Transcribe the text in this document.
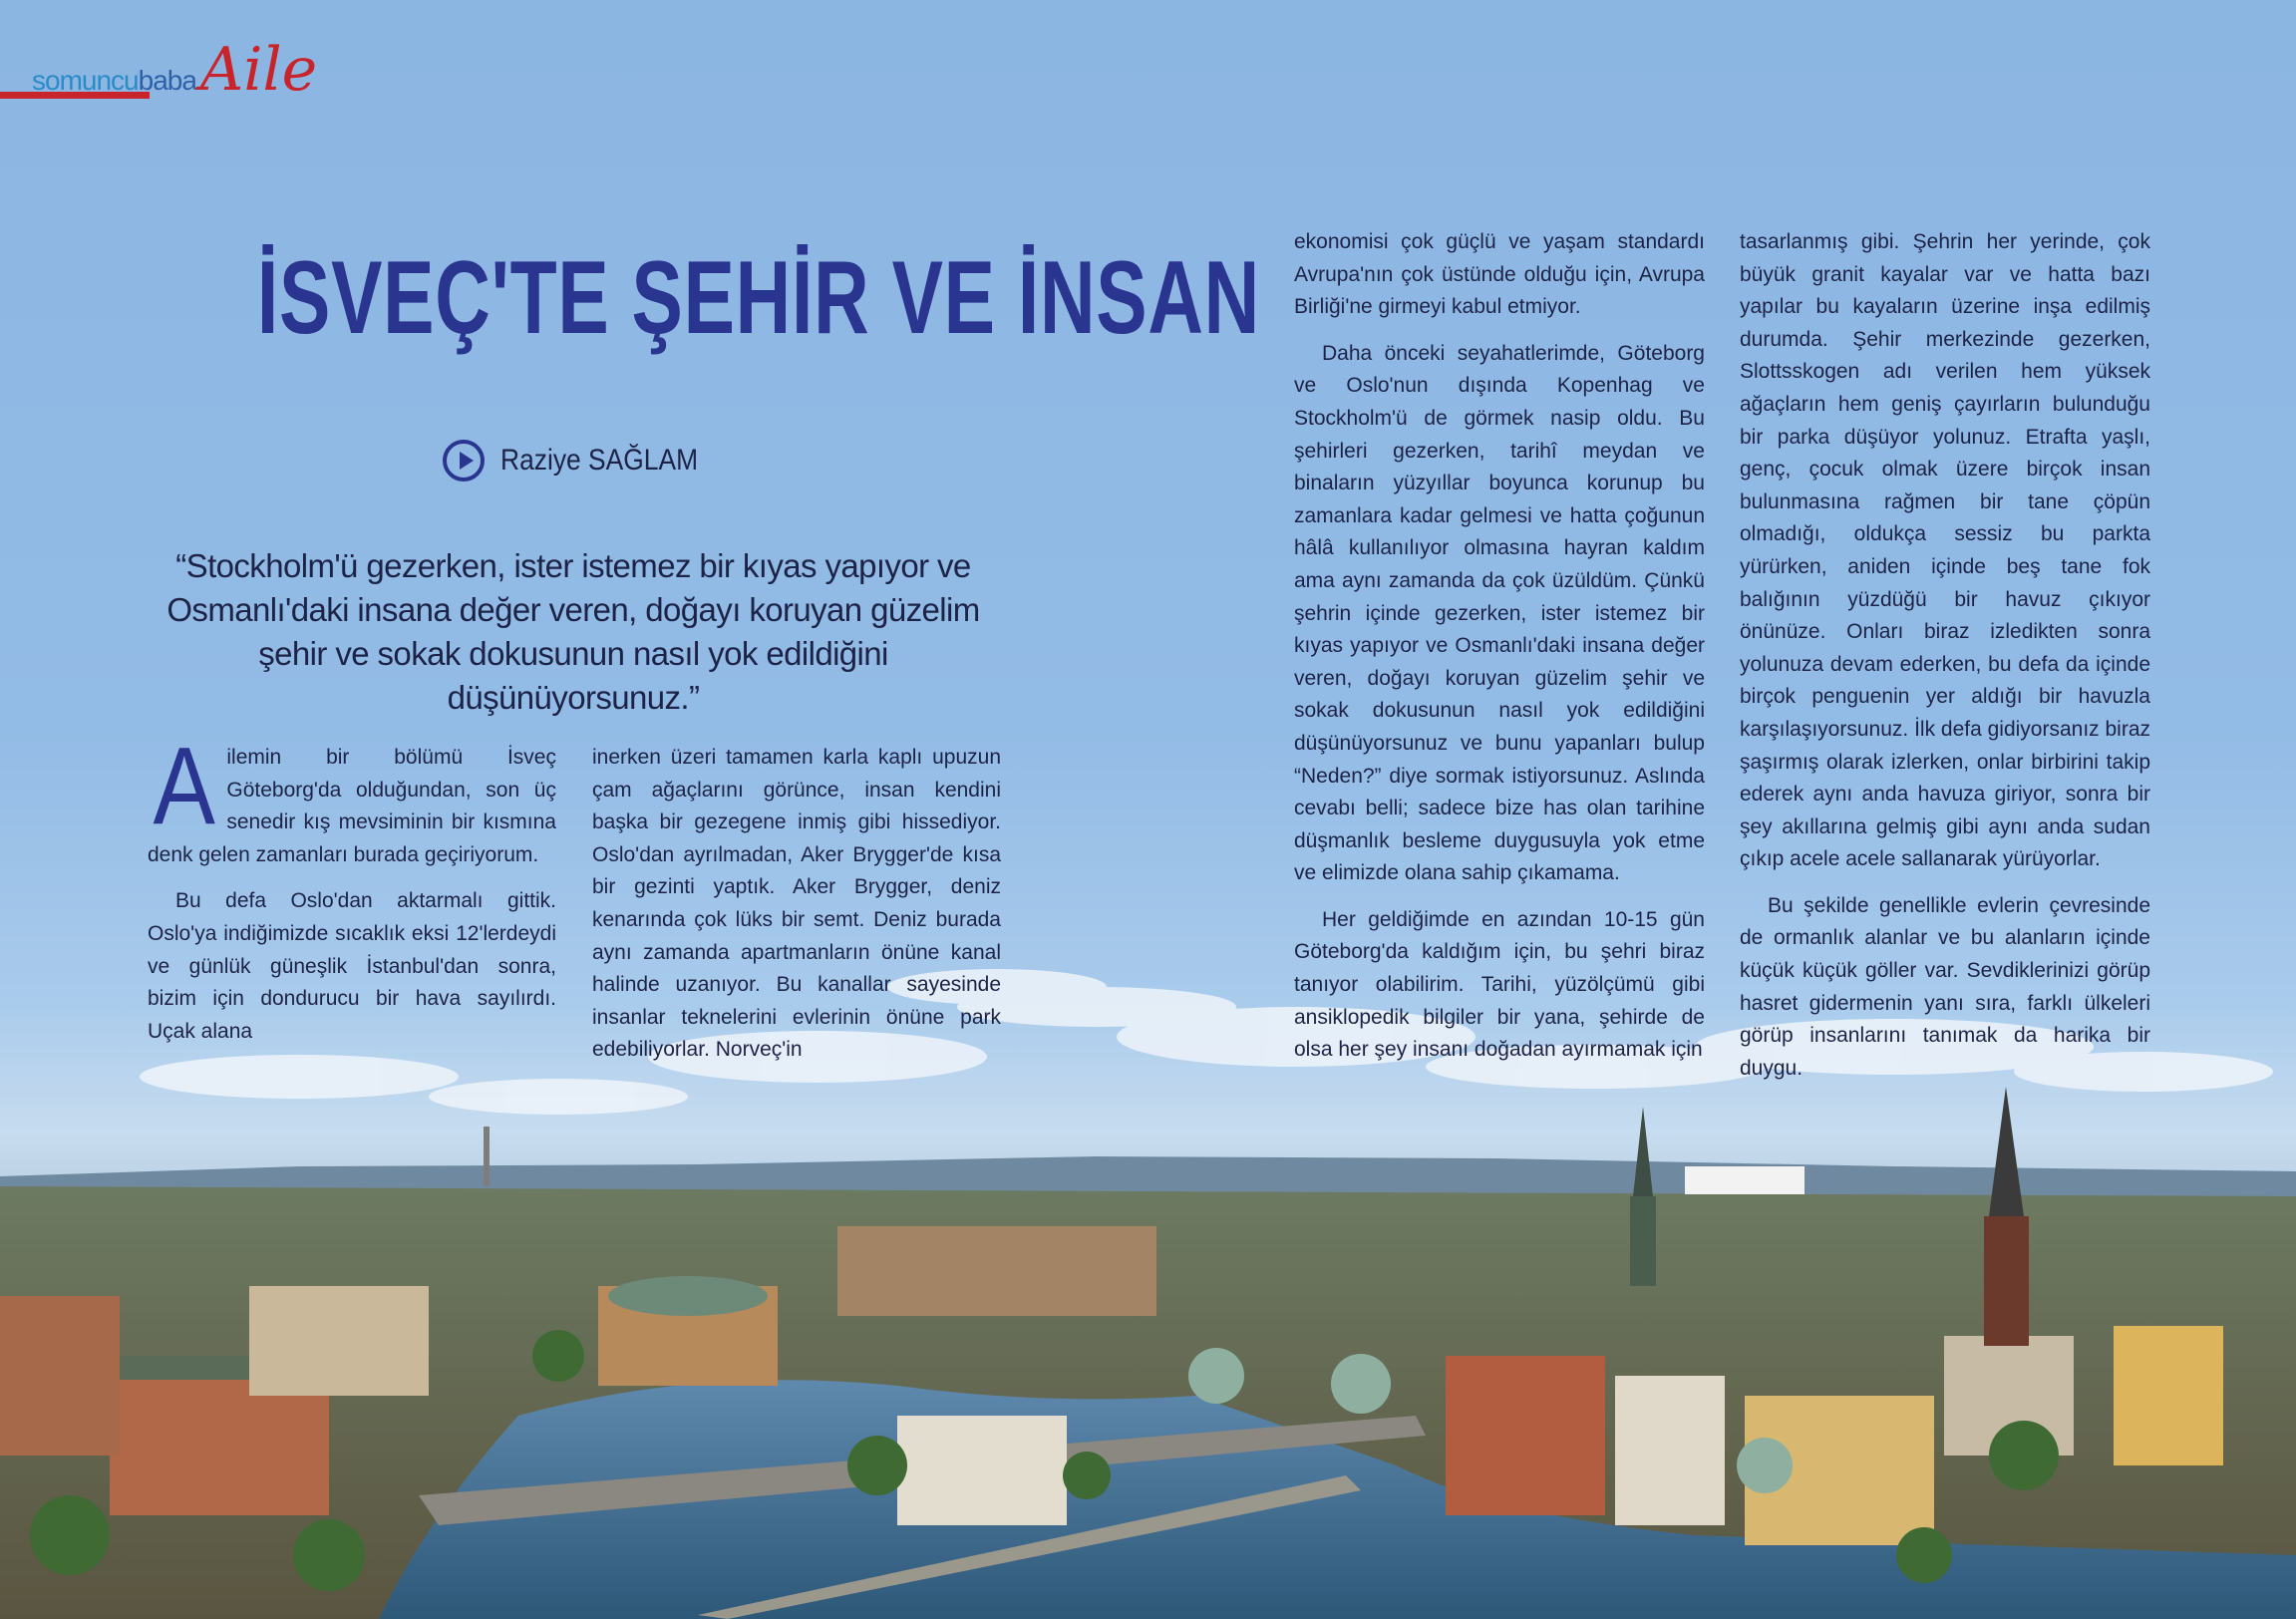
somuncu baba Aile
İSVEÇ'TE ŞEHİR VE İNSAN
Raziye SAĞLAM
“Stockholm'ü gezerken, ister istemez bir kıyas yapıyor ve Osmanlı'daki insana değer veren, doğayı koruyan güzelim şehir ve sokak dokusunun nasıl yok edildiğini düşünüyorsunuz.”

A ilemin bir bölümü İsveç Göteborg'da olduğundan, son üç senedir kış mevsiminin bir kısmına denk gelen zamanları burada geçiriyorum.

Bu defa Oslo'dan aktarmalı gittik. Oslo'ya indiğimizde sıcaklık eksi 12'lerdeydi ve günlük güneşlik İstanbul'dan sonra, bizim için dondurucu bir hava sayılırdı. Uçak alana

inerken üzeri tamamen karla kaplı upuzun çam ağaçlarını görünce, insan kendini başka bir gezegene inmiş gibi hissediyor. Oslo'dan ayrılmadan, Aker Brygger'de kısa bir gezinti yaptık. Aker Brygger, deniz kenarında çok lüks bir semt. Deniz burada aynı zamanda apartmanların önüne kanal halinde uzanıyor. Bu kanallar sayesinde insanlar teknelerini evlerinin önüne park edebiliyorlar. Norveç'in

ekonomisi çok güçlü ve yaşam standardı Avrupa'nın çok üstünde olduğu için, Avrupa Birliği'ne girmeyi kabul etmiyor.

Daha önceki seyahatlerimde, Göteborg ve Oslo'nun dışında Kopenhag ve Stockholm'ü de görmek nasip oldu. Bu şehirleri gezerken, tarihî meydan ve binaların yüzyıllar boyunca korunup bu zamanlara kadar gelmesi ve hatta çoğunun hâlâ kullanılıyor olmasına hayran kaldım ama aynı zamanda da çok üzüldüm. Çünkü şehrin içinde gezerken, ister istemez bir kıyas yapıyor ve Osmanlı'daki insana değer veren, doğayı koruyan güzelim şehir ve sokak dokusunun nasıl yok edildiğini düşünüyorsunuz ve bunu yapanları bulup “Neden?” diye sormak istiyorsunuz. Aslında cevabı belli; sadece bize has olan tarihine düşmanlık besleme duygusuyla yok etme ve elimizde olana sahip çıkamama.

Her geldiğimde en azından 10-15 gün Göteborg'da kaldığım için, bu şehri biraz tanıyor olabilirim. Tarihi, yüzölçümü gibi ansiklopedik bilgiler bir yana, şehirde de olsa her şey insanı doğadan ayırmamak için

tasarlanmış gibi. Şehrin her yerinde, çok büyük granit kayalar var ve hatta bazı yapılar bu kayaların üzerine inşa edilmiş durumda. Şehir merkezinde gezerken, Slottsskogen adı verilen hem yüksek ağaçların hem geniş çayırların bulunduğu bir parka düşüyor yolunuz. Etrafta yaşlı, genç, çocuk olmak üzere birçok insan bulunmasına rağmen bir tane çöpün olmadığı, oldukça sessiz bu parkta yürürken, aniden içinde beş tane fok balığının yüzdüğü bir havuz çıkıyor önünüze. Onları biraz izledikten sonra yolunuza devam ederken, bu defa da içinde birçok penguenin yer aldığı bir havuzla karşılaşıyorsunuz. İlk defa gidiyorsanız biraz şaşırmış olarak izlerken, onlar birbirini takip ederek aynı anda havuza giriyor, sonra bir şey akıllarına gelmiş gibi aynı anda sudan çıkıp acele acele sallanarak yürüyorlar.

Bu şekilde genellikle evlerin çevresinde de ormanlık alanlar ve bu alanların içinde küçük küçük göller var. Sevdiklerinizi görüp hasret gidermenin yanı sıra, farklı ülkeleri görüp insanlarını tanımak da harika bir duygu.
